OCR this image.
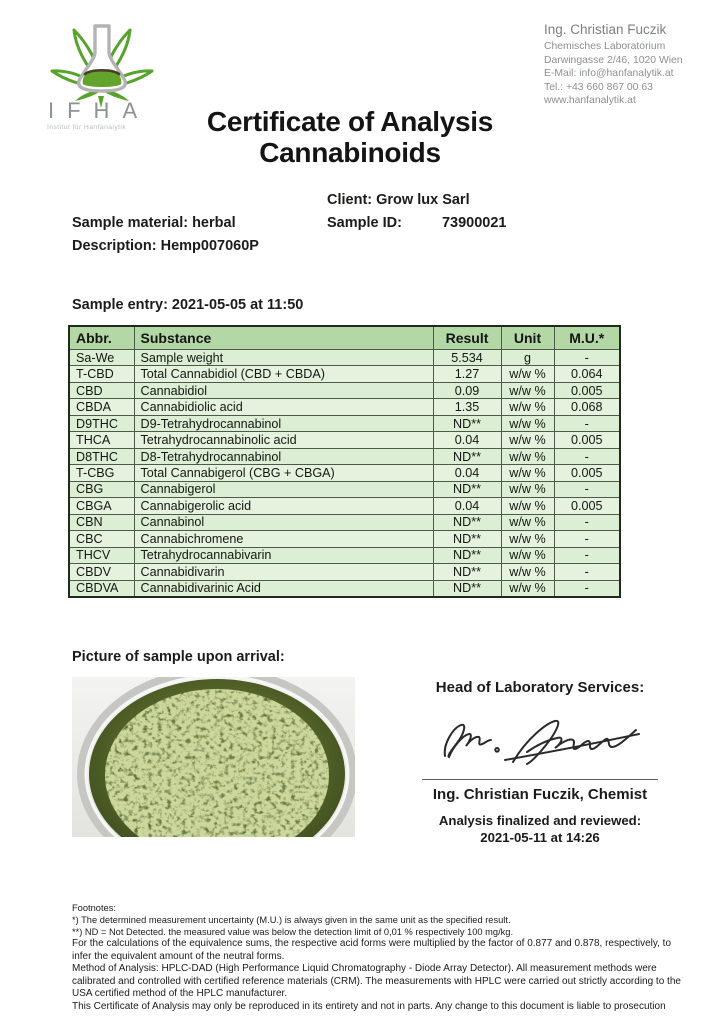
IFHA
Institut für Hanfanalytik
Ing. Christian Fuczik
Chemisches Laboratorium
Darwingasse 2/46, 1020 Wien
E-Mail: info@hanfanalytik.at
Tel.: +43 660 867 00 63
www.hanfanalytik.at
Certificate of Analysis
Cannabinoids
Client: Grow lux Sarl
Sample material: herbal	Sample ID:	73900021
Description: Hemp007060P
Sample entry: 2021-05-05 at 11:50
Abbr.	Substance	Result	Unit	M.U.*
Sa-We	Sample weight	5.534	g	-
T-CBD	Total Cannabidiol (CBD + CBDA)	1.27	w/w %	0.064
CBD	Cannabidiol	0.09	w/w %	0.005
CBDA	Cannabidiolic acid	1.35	w/w %	0.068
D9THC	D9-Tetrahydrocannabinol	ND**	w/w %	-
THCA	Tetrahydrocannabinolic acid	0.04	w/w %	0.005
D8THC	D8-Tetrahydrocannabinol	ND**	w/w %	-
T-CBG	Total Cannabigerol (CBG + CBGA)	0.04	w/w %	0.005
CBG	Cannabigerol	ND**	w/w %	-
CBGA	Cannabigerolic acid	0.04	w/w %	0.005
CBN	Cannabinol	ND**	w/w %	-
CBC	Cannabichromene	ND**	w/w %	-
THCV	Tetrahydrocannabivarin	ND**	w/w %	-
CBDV	Cannabidivarin	ND**	w/w %	-
CBDVA	Cannabidivarinic Acid	ND**	w/w %	-
Picture of sample upon arrival:
Head of Laboratory Services:
Ing. Christian Fuczik, Chemist
Analysis finalized and reviewed:
2021-05-11 at 14:26
Footnotes:
*) The determined measurement uncertainty (M.U.) is always given in the same unit as the specified result.
**) ND = Not Detected. the measured value was below the detection limit of 0,01 % respectively 100 mg/kg.
For the calculations of the equivalence sums, the respective acid forms were multiplied by the factor of 0.877 and 0.878, respectively, to infer the equivalent amount of the neutral forms.
Method of Analysis: HPLC-DAD (High Performance Liquid Chromatography - Diode Array Detector). All measurement methods were calibrated and controlled with certified reference materials (CRM). The measurements with HPLC were carried out strictly according to the USA certified method of the HPLC manufacturer.
This Certificate of Analysis may only be reproduced in its entirety and not in parts. Any change to this document is liable to prosecution
